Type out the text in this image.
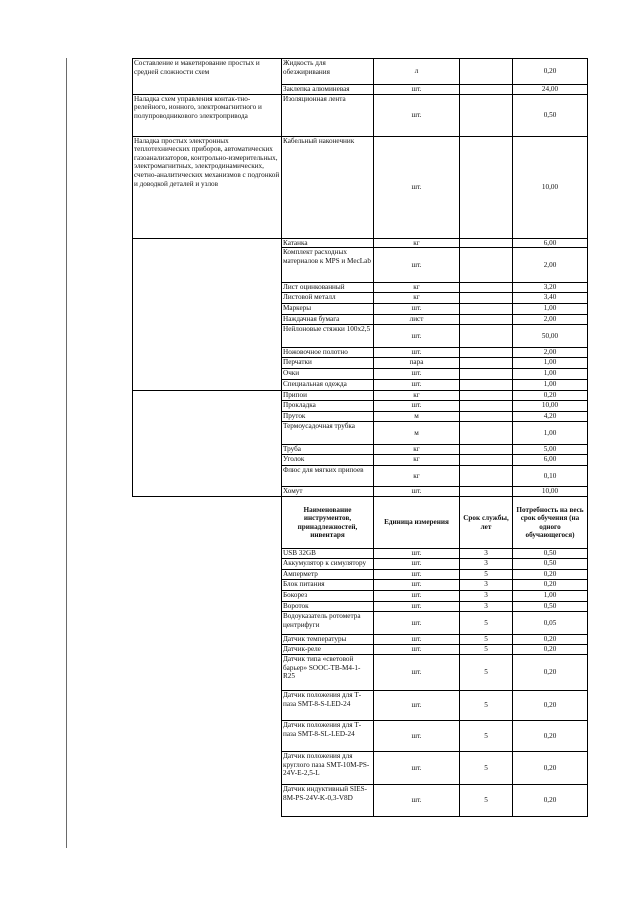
Составление и макетирование простых и средней сложности схем	Жидкость для обезжиривания	л		0,20
	Заклепка алюминевая	шт.		24,00
Наладка схем управления контак-тно-релейного, ионного, электромагнитного и полупроводникового электропривода	Изоляционная лента	шт.		0,50
Наладка простых электронных теплотехнических приборов, автоматических газоанализаторов, контрольно-измерительных, электромагнитных, электродинамических, счетно-аналитических механизмов с подгонкой и доводкой деталей и узлов	Кабельный наконечник	шт.		10,00
	Катанка	кг		6,00
	Комплект расходных материалов к MPS и MecLab	шт.		2,00
	Лист оцинкованный	кг		3,20
	Листовой металл	кг		3,40
	Маркеры	шт.		1,00
	Наждачная бумага	лист		2,00
	Нейлоновые стяжки 100х2,5	шт.		50,00
	Ножовочное полотно	шт.		2,00
	Перчатки	пара		1,00
	Очки	шт.		1,00
	Специальная одежда	шт.		1,00
	Припои	кг		0,20
	Прокладка	шт.		10,00
	Пруток	м		4,20
	Термоусадочная трубка	м		1,00
	Труба	кг		5,00
	Уголок	кг		6,00
	Флюс для мягких припоев	кг		0,10
	Хомут	шт.		10,00
	Наименование инструментов, принадлежностей, инвентаря	Единица измерения	Срок службы, лет	Потребность на весь срок обучения (на одного обучающегося)
	USB 32GB	шт.	3	0,50
	Аккумулятор к симулятору	шт.	3	0,50
	Амперметр	шт.	5	0,20
	Блок питания	шт.	3	0,20
	Бокорез	шт.	3	1,00
	Вороток	шт.	3	0,50
	Водоуказатель ротометра центрифуги	шт.	5	0,05
	Датчик температуры	шт.	5	0,20
	Датчик-реле	шт.	5	0,20
	Датчик типа «световой барьер» SOOC-TB-M4-1-R25	шт.	5	0,20
	Датчик положения для Т-паза SMT-8-S-LED-24	шт.	5	0,20
	Датчик положения для Т-паза SMT-8-SL-LED-24	шт.	5	0,20
	Датчик положения для круглого паза SMT-10M-PS-24V-E-2,5-L	шт.	5	0,20
	Датчик индуктивный SIES-8M-PS-24V-K-0,3-V8D	шт.	5	0,20
